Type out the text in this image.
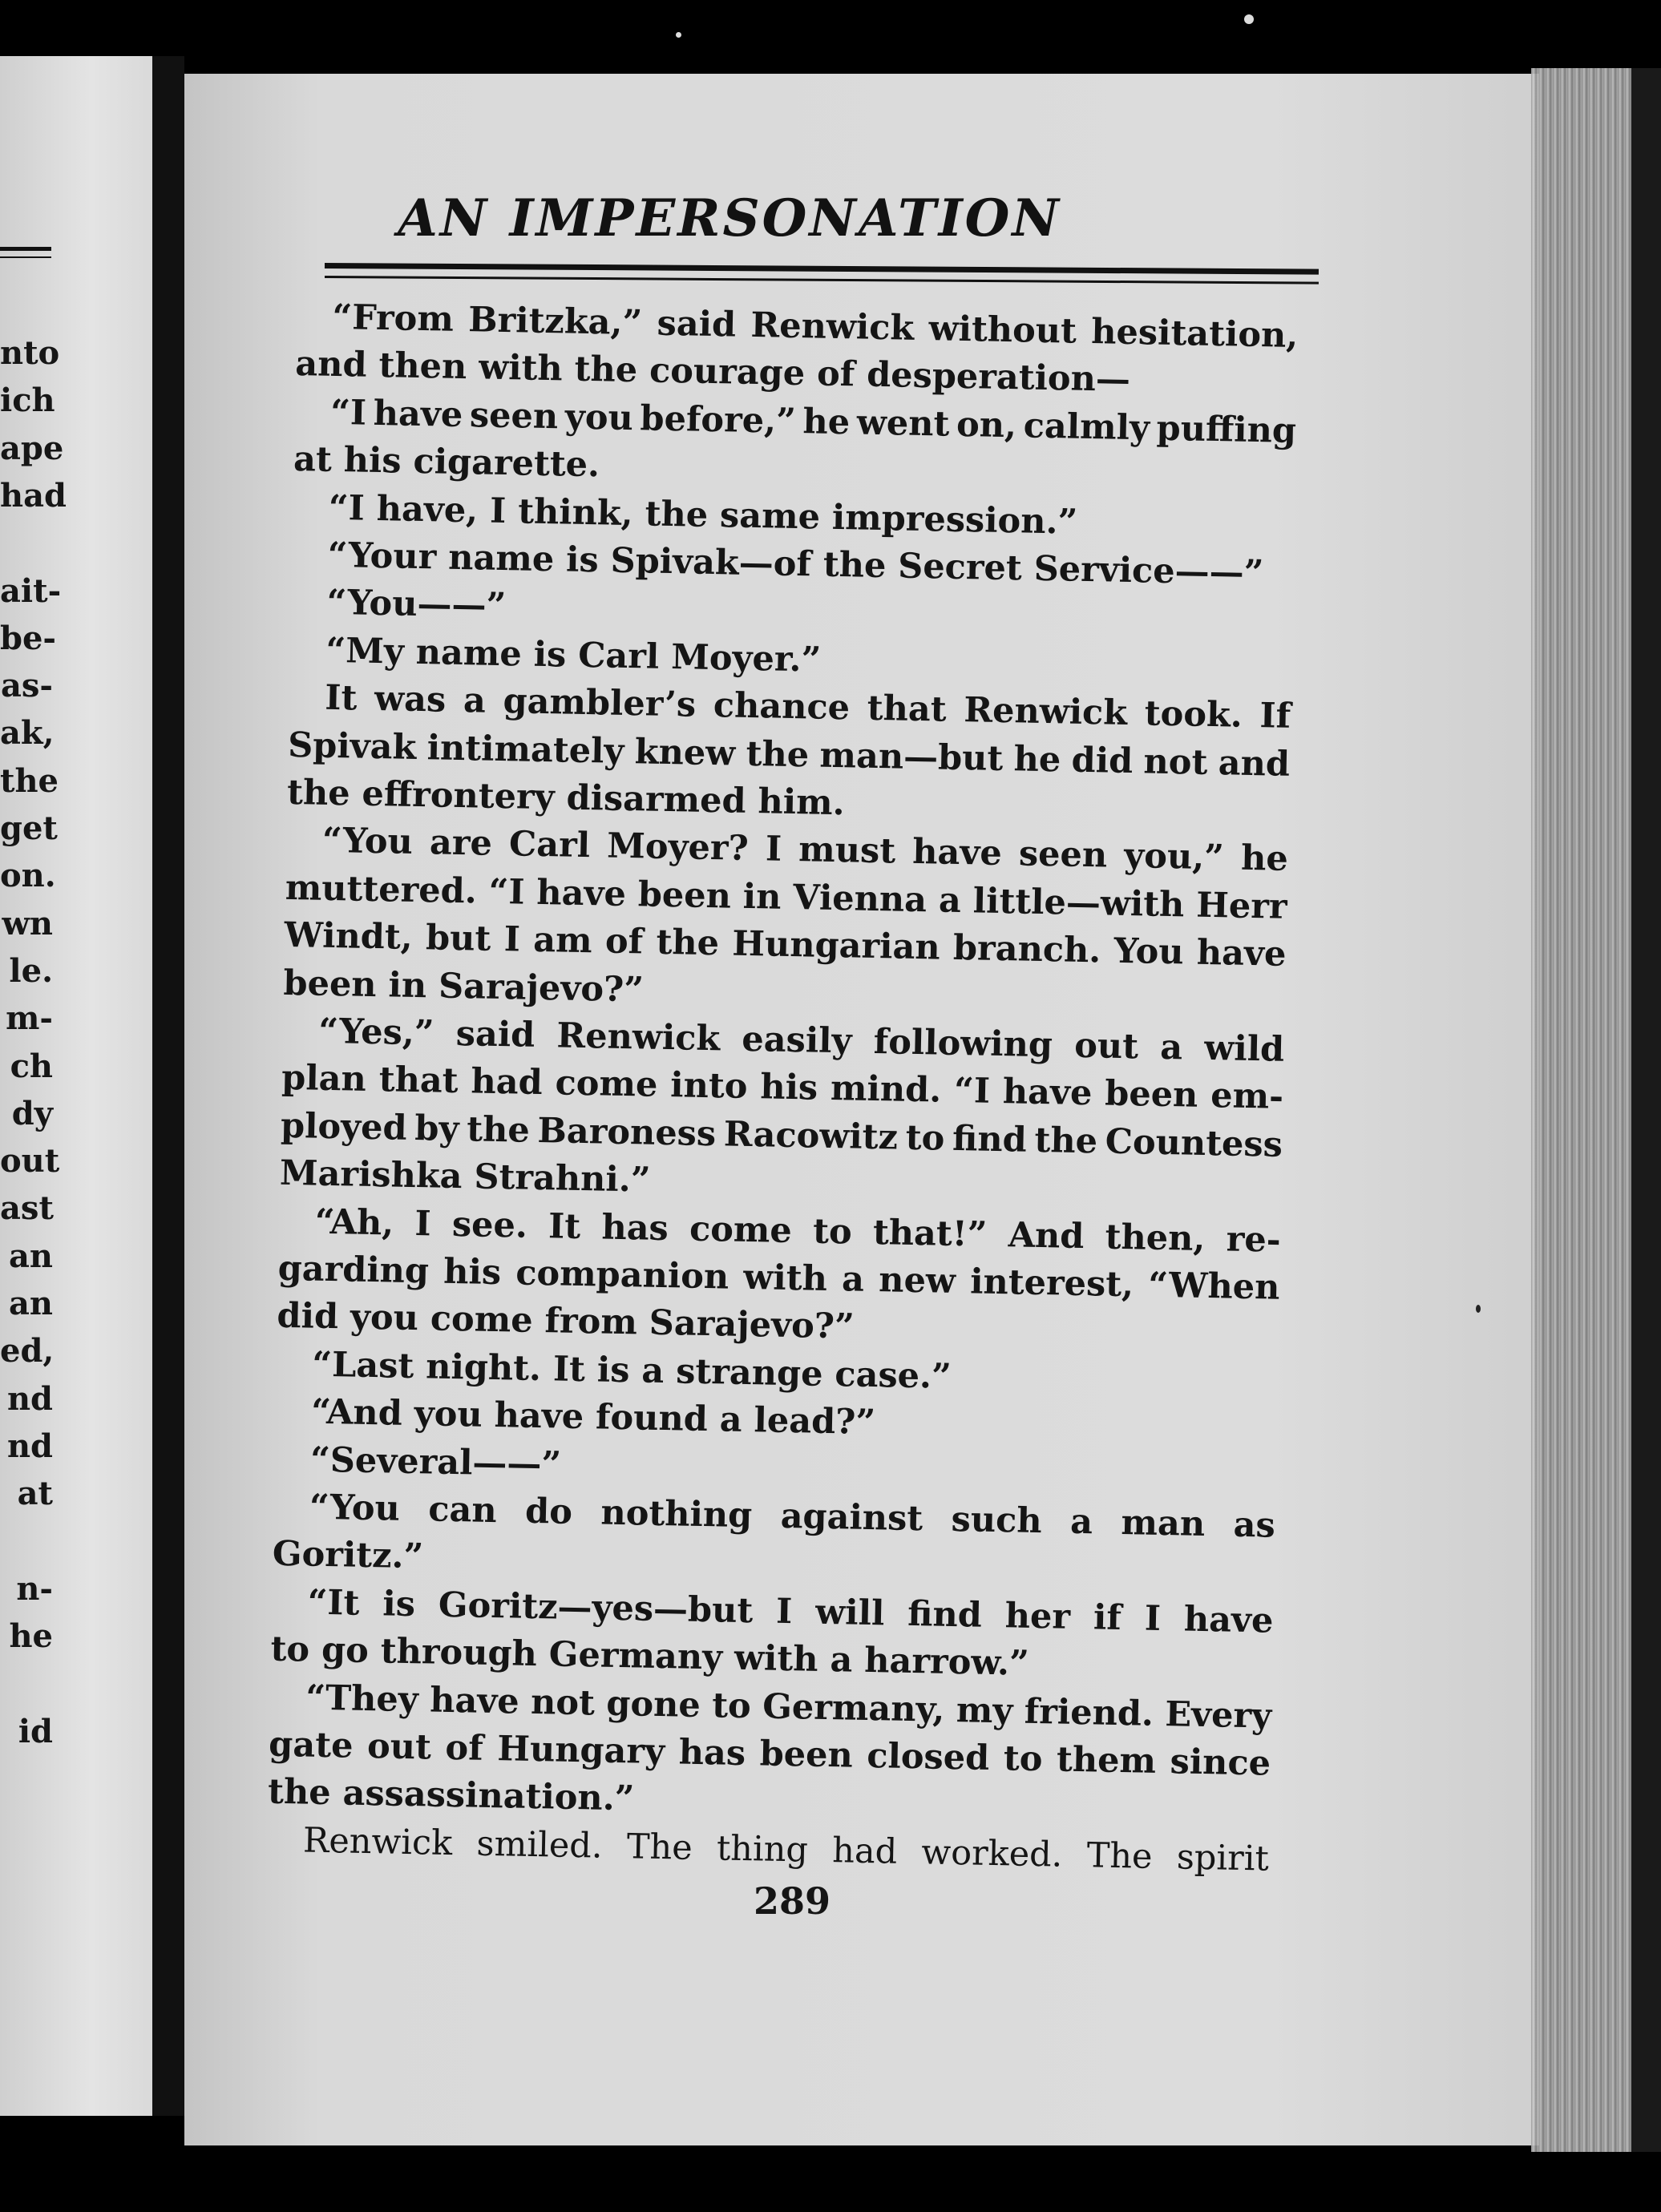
nto
ich
ape
had
ait-
be-
as-
ak,
the
get
on.
wn
le.
m-
ch
dy
out
ast
an
an
ed,
nd
nd
at
n-
he
id
AN IMPERSONATION
“From Britzka,” said Renwick without hesitation,
and then with the courage of desperation—
“I have seen you before,” he went on, calmly puffing
at his cigarette.
“I have, I think, the same impression.”
“Your name is Spivak—of the Secret Service——”
“You——”
“My name is Carl Moyer.”
It was a gambler’s chance that Renwick took. If
Spivak intimately knew the man—but he did not and
the effrontery disarmed him.
“You are Carl Moyer? I must have seen you,” he
muttered. “I have been in Vienna a little—with Herr
Windt, but I am of the Hungarian branch. You have
been in Sarajevo?”
“Yes,” said Renwick easily following out a wild
plan that had come into his mind. “I have been em-
ployed by the Baroness Racowitz to find the Countess
Marishka Strahni.”
“Ah, I see. It has come to that!” And then, re-
garding his companion with a new interest, “When
did you come from Sarajevo?”
“Last night. It is a strange case.”
“And you have found a lead?”
“Several——”
“You can do nothing against such a man as
Goritz.”
“It is Goritz—yes—but I will find her if I have
to go through Germany with a harrow.”
“They have not gone to Germany, my friend. Every
gate out of Hungary has been closed to them since
the assassination.”
Renwick smiled. The thing had worked. The spirit
289
